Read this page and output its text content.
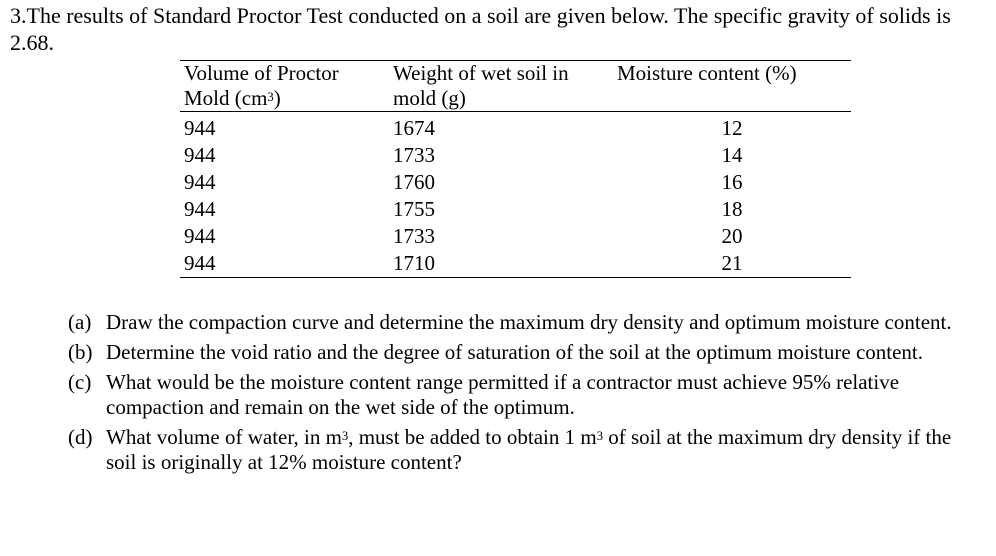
3.The results of Standard Proctor Test conducted on a soil are given below. The specific gravity of solids is 2.68.

Volume of Proctor Mold $(cm^3)$	Weight of wet soil in mold (g)	Moisture content (%)
944	1674	12
944	1733	14
944	1760	16
944	1755	18
944	1733	20
944	1710	21
(a) Draw the compaction curve and determine the maximum dry density and optimum moisture content.
(b) Determine the void ratio and the degree of saturation of the soil at the optimum moisture content.
(c) What would be the moisture content range permitted if a contractor must achieve 95% relative compaction and remain on the wet side of the optimum.
(d) What volume of water, in $m^3$, must be added to obtain 1 $m^3$ of soil at the maximum dry density if the soil is originally at 12% moisture content?
